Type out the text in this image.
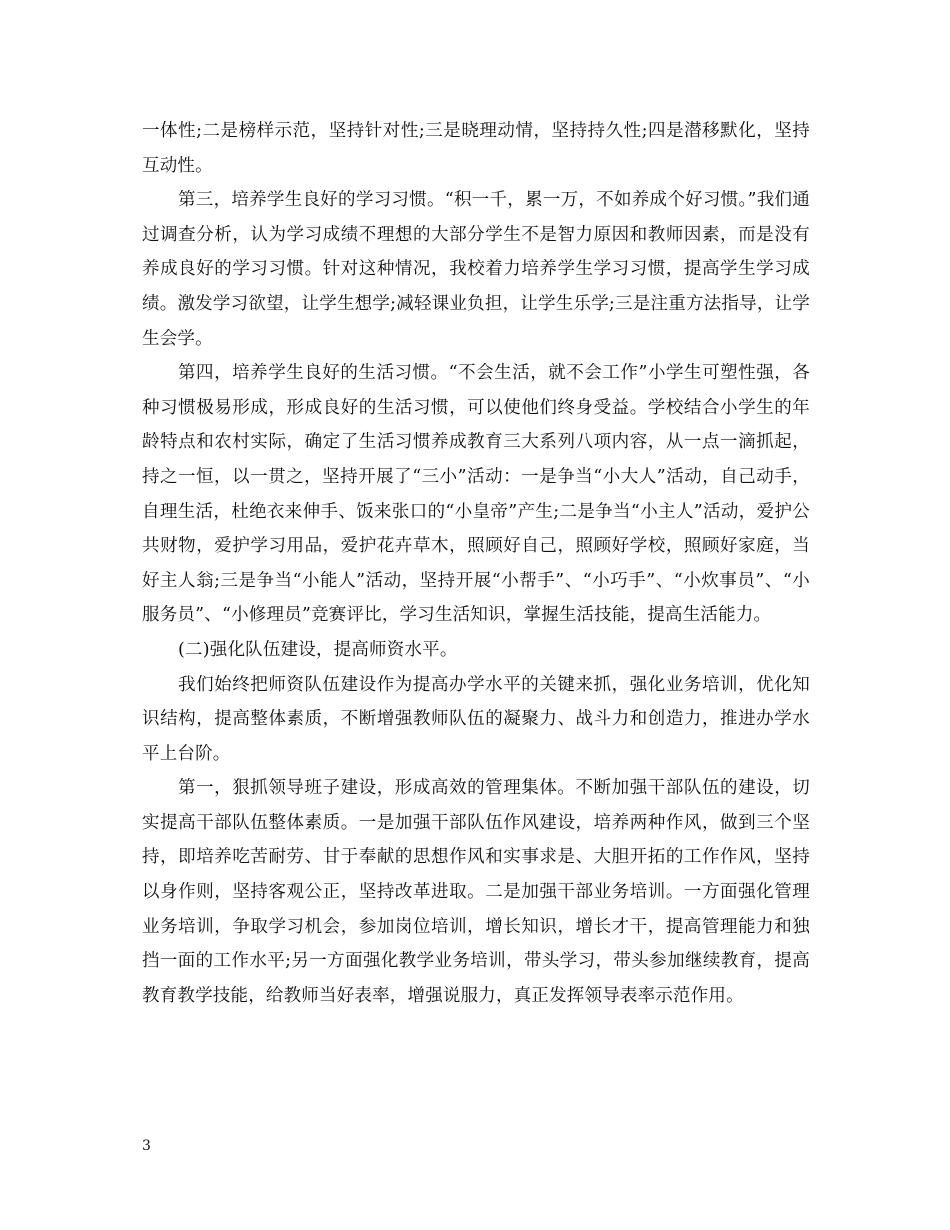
一体性;二是榜样示范，坚持针对性;三是晓理动情，坚持持久性;四是潜移默化，坚持互动性。

第三，培养学生良好的学习习惯。“积一千，累一万，不如养成个好习惯。”我们通过调查分析，认为学习成绩不理想的大部分学生不是智力原因和教师因素，而是没有养成良好的学习习惯。针对这种情况，我校着力培养学生学习习惯，提高学生学习成绩。激发学习欲望，让学生想学;减轻课业负担，让学生乐学;三是注重方法指导，让学生会学。

第四，培养学生良好的生活习惯。“不会生活，就不会工作”小学生可塑性强，各种习惯极易形成，形成良好的生活习惯，可以使他们终身受益。学校结合小学生的年龄特点和农村实际，确定了生活习惯养成教育三大系列八项内容，从一点一滴抓起，持之一恒，以一贯之，坚持开展了“三小”活动：一是争当“小大人”活动，自己动手，自理生活，杜绝衣来伸手、饭来张口的“小皇帝”产生;二是争当“小主人”活动，爱护公共财物，爱护学习用品，爱护花卉草木，照顾好自己，照顾好学校，照顾好家庭，当好主人翁;三是争当“小能人”活动，坚持开展“小帮手”、“小巧手”、“小炊事员”、“小服务员”、“小修理员”竞赛评比，学习生活知识，掌握生活技能，提高生活能力。

(二)强化队伍建设，提高师资水平。

我们始终把师资队伍建设作为提高办学水平的关键来抓，强化业务培训，优化知识结构，提高整体素质，不断增强教师队伍的凝聚力、战斗力和创造力，推进办学水平上台阶。

第一，狠抓领导班子建设，形成高效的管理集体。不断加强干部队伍的建设，切实提高干部队伍整体素质。一是加强干部队伍作风建设，培养两种作风，做到三个坚持，即培养吃苦耐劳、甘于奉献的思想作风和实事求是、大胆开拓的工作作风，坚持以身作则，坚持客观公正，坚持改革进取。二是加强干部业务培训。一方面强化管理业务培训，争取学习机会，参加岗位培训，增长知识，增长才干，提高管理能力和独挡一面的工作水平;另一方面强化教学业务培训，带头学习，带头参加继续教育，提高教育教学技能，给教师当好表率，增强说服力，真正发挥领导表率示范作用。

3
